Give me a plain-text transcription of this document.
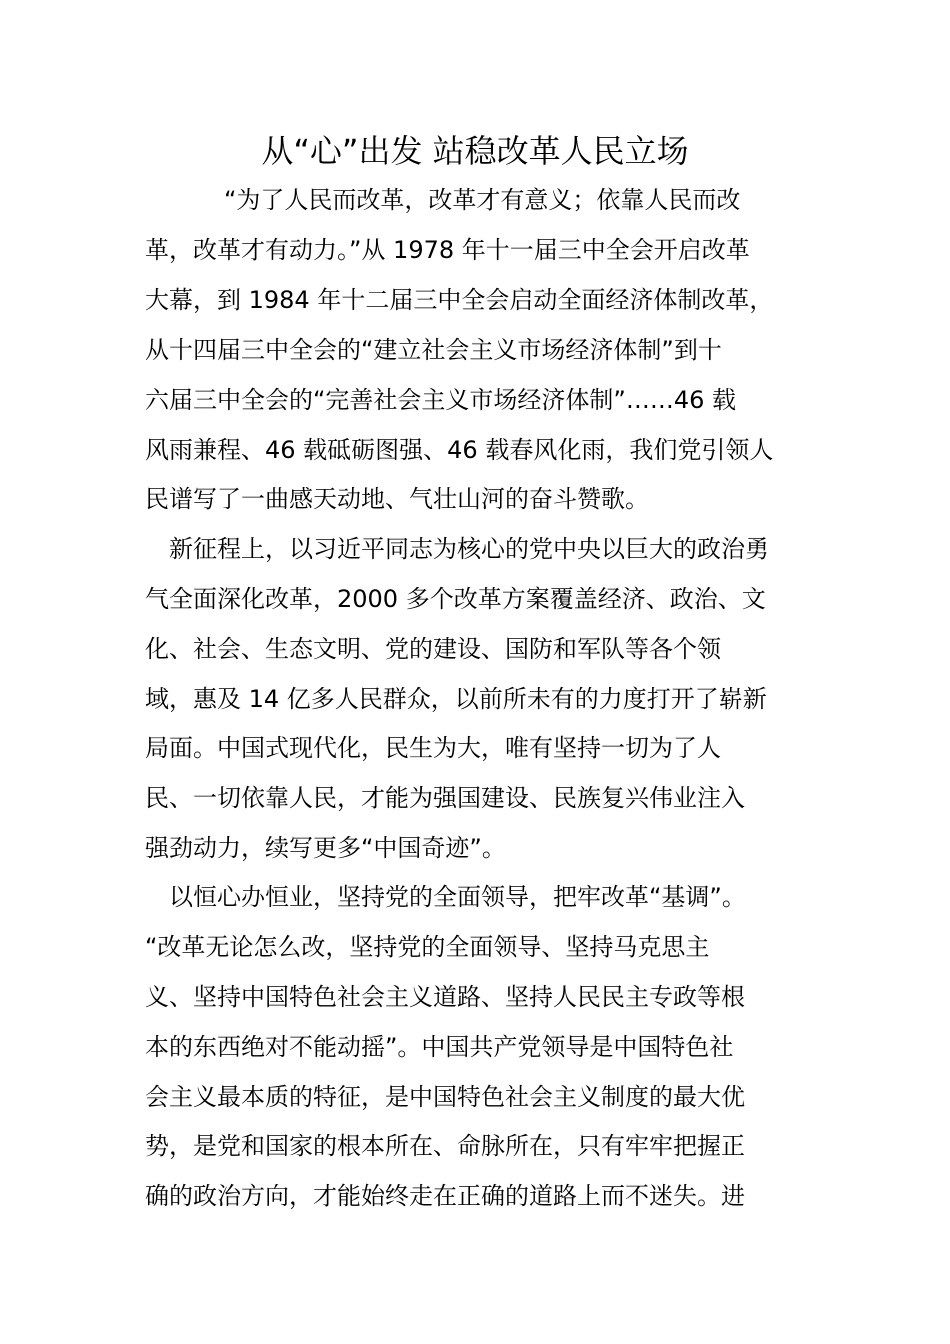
从“心”出发 站稳改革人民立场
“为了人民而改革，改革才有意义；依靠人民而改
革，改革才有动力。”从 1978 年十一届三中全会开启改革
大幕，到 1984 年十二届三中全会启动全面经济体制改革，
从十四届三中全会的“建立社会主义市场经济体制”到十
六届三中全会的“完善社会主义市场经济体制”……46 载
风雨兼程、46 载砥砺图强、46 载春风化雨，我们党引领人
民谱写了一曲感天动地、气壮山河的奋斗赞歌。
新征程上，以习近平同志为核心的党中央以巨大的政治勇
气全面深化改革，2000 多个改革方案覆盖经济、政治、文
化、社会、生态文明、党的建设、国防和军队等各个领
域，惠及 14 亿多人民群众，以前所未有的力度打开了崭新
局面。中国式现代化，民生为大，唯有坚持一切为了人
民、一切依靠人民，才能为强国建设、民族复兴伟业注入
强劲动力，续写更多“中国奇迹”。
以恒心办恒业，坚持党的全面领导，把牢改革“基调”。
“改革无论怎么改，坚持党的全面领导、坚持马克思主
义、坚持中国特色社会主义道路、坚持人民民主专政等根
本的东西绝对不能动摇”。中国共产党领导是中国特色社
会主义最本质的特征，是中国特色社会主义制度的最大优
势，是党和国家的根本所在、命脉所在，只有牢牢把握正
确的政治方向，才能始终走在正确的道路上而不迷失。进
